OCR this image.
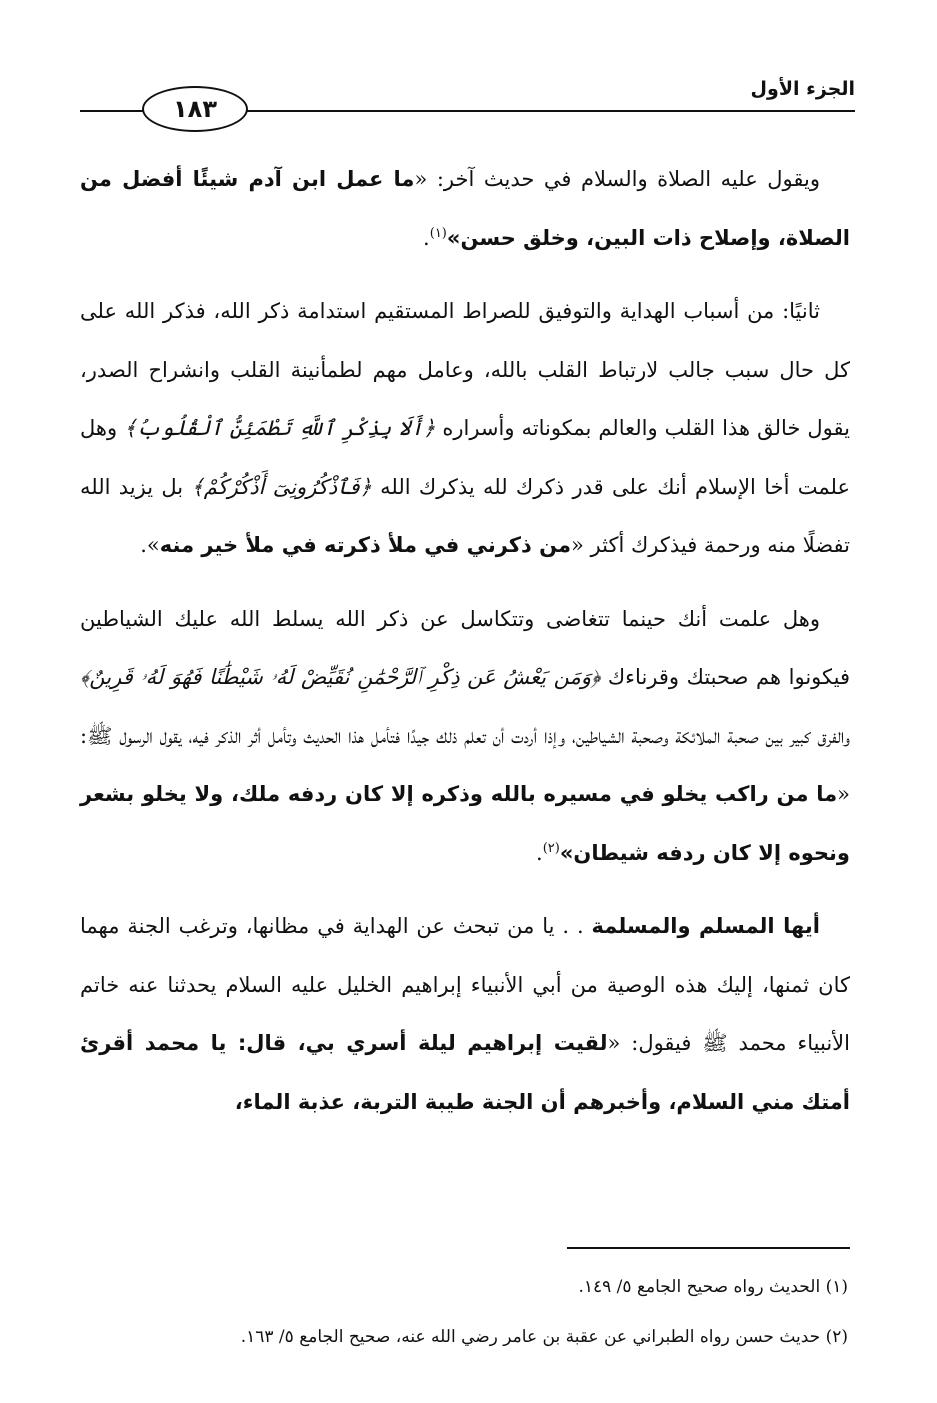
١٨٣
الجزء الأول

ويقول عليه الصلاة والسلام في حديث آخر: «ما عمل ابن آدم شيئًا أفضل من الصلاة، وإصلاح ذات البين، وخلق حسن»$^{(١)}$.

ثانيًا: من أسباب الهداية والتوفيق للصراط المستقيم استدامة ذكر الله، فذكر الله على كل حال سبب جالب لارتباط القلب بالله، وعامل مهم لطمأنينة القلب وانشراح الصدر، يقول خالق هذا القلب والعالم بمكوناته وأسراره ﴿أَلَا بِذِكْرِ ٱللَّهِ تَطْمَئِنُّ ٱلْقُلُوبُ﴾ وهل علمت أخا الإسلام أنك على قدر ذكرك لله يذكرك الله ﴿فَٱذْكُرُونِىٓ أَذْكُرْكُمْ﴾ بل يزيد الله تفضلًا منه ورحمة فيذكرك أكثر «من ذكرني في ملأ ذكرته في ملأ خير منه».

وهل علمت أنك حينما تتغاضى وتتكاسل عن ذكر الله يسلط الله عليك الشياطين فيكونوا هم صحبتك وقرناءك ﴿وَمَن يَعْشُ عَن ذِكْرِ ٱلرَّحْمَٰنِ نُقَيِّضْ لَهُۥ شَيْطَٰنًا فَهُوَ لَهُۥ قَرِينٌ﴾ والفرق كبير بين صحبة الملائكة وصحبة الشياطين، وإذا أردت أن تعلم ذلك جيدًا فتأمل هذا الحديث وتأمل أثر الذكر فيه، يقول الرسول ﷺ: «ما من راكب يخلو في مسيره بالله وذكره إلا كان ردفه ملك، ولا يخلو بشعر ونحوه إلا كان ردفه شيطان»$^{(٢)}$.

أيها المسلم والمسلمة . . يا من تبحث عن الهداية في مظانها، وترغب الجنة مهما كان ثمنها، إليك هذه الوصية من أبي الأنبياء إبراهيم الخليل عليه السلام يحدثنا عنه خاتم الأنبياء محمد ﷺ فيقول: «لقيت إبراهيم ليلة أسري بي، قال: يا محمد أقرئ أمتك مني السلام، وأخبرهم أن الجنة طيبة التربة، عذبة الماء،

(١) الحديث رواه صحيح الجامع ٥/ ١٤٩.

(٢) حديث حسن رواه الطبراني عن عقبة بن عامر رضي الله عنه، صحيح الجامع ٥/ ١٦٣.
